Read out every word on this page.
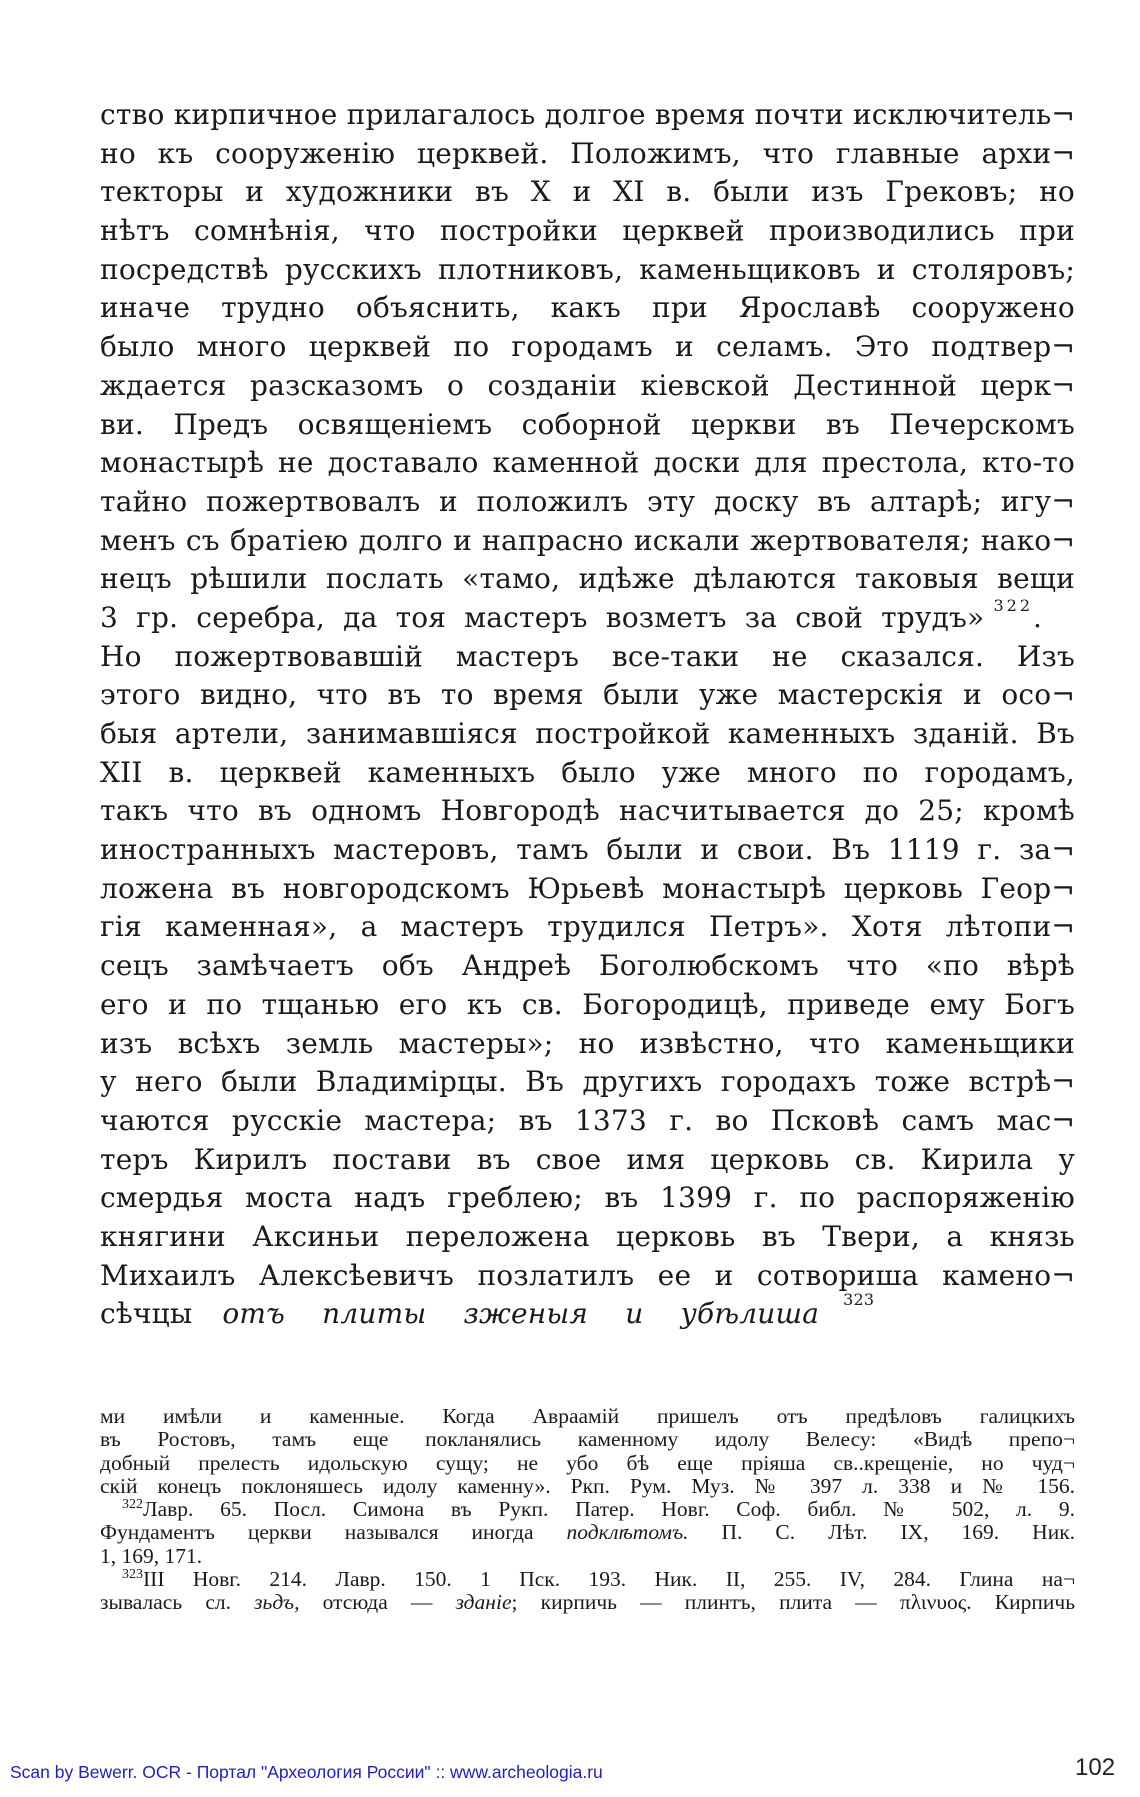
ство кирпичное прилагалось долгое время почти исключитель¬
но къ сооруженію церквей. Положимъ, что главные архи¬
текторы и художники въ X и XI в. были изъ Грековъ; но
нѣтъ сомнѣнія, что постройки церквей производились при
посредствѣ русскихъ плотниковъ, каменьщиковъ и столяровъ;
иначе трудно объяснить, какъ при Ярославѣ сооружено
было много церквей по городамъ и селамъ. Это подтвер¬
ждается разсказомъ о созданіи кіевской Дестинной церк¬
ви. Предъ освященіемъ соборной церкви въ Печерскомъ
монастырѣ не доставало каменной доски для престола, кто-то
тайно пожертвовалъ и положилъ эту доску въ алтарѣ; игу¬
менъ съ братіею долго и напрасно искали жертвователя; нако¬
нецъ рѣшили послать «тамо, идѣже дѣлаются таковыя вещи
3 гр. серебра, да тоя мастеръ возметъ за свой трудъ» $^{322}$.
Но пожертвовавшій мастеръ все-таки не сказался. Изъ
этого видно, что въ то время были уже мастерскія и осо¬
быя артели, занимавшіяся постройкой каменныхъ зданій. Въ
XII в. церквей каменныхъ было уже много по городамъ,
такъ что въ одномъ Новгородѣ насчитывается до 25; кромѣ
иностранныхъ мастеровъ, тамъ были и свои. Въ 1119 г. за¬
ложена въ новгородскомъ Юрьевѣ монастырѣ церковь Геор¬
гія каменная», а мастеръ трудился Петръ». Хотя лѣтопи¬
сецъ замѣчаетъ объ Андреѣ Боголюбскомъ что «по вѣрѣ
его и по тщанью его къ св. Богородицѣ, приведе ему Богъ
изъ всѣхъ земль мастеры»; но извѣстно, что каменьщики
у него были Владимірцы. Въ другихъ городахъ тоже встрѣ¬
чаются русскіе мастера; въ 1373 г. во Псковѣ самъ мас¬
теръ Кирилъ постави въ свое имя церковь св. Кирила у
смердья моста надъ греблею; въ 1399 г. по распоряженію
княгини Аксиньи переложена церковь въ Твери, а князь
Михаилъ Алексѣевичъ позлатилъ ее и сотвориша камено¬
сѣчцы отъ плиты зженыя и убѣлиша $^{323}$
ми имѣли и каменные. Когда Авраамій пришелъ отъ предѣловъ галицкихъ
въ Ростовъ, тамъ еще покланялись каменному идолу Велесу: «Видѣ препо¬
добный прелесть идольскую сущу; не убо бѣ еще пріяша св..крещеніе, но чуд¬
скій конецъ поклоняшесь идолу каменну». Ркп. Рум. Муз. № 397 л. 338 и № 156.
$^{322}$Лавр. 65. Посл. Симона въ Рукп. Патер. Новг. Соф. библ. № 502, л. 9.
Фундаментъ церкви назывался иногда подклѣтомъ. П. С. Лѣт. IX, 169. Ник.
1, 169, 171.
$^{323}$III Новг. 214. Лавр. 150. 1 Пск. 193. Ник. II, 255. IV, 284. Глина на¬
зывалась сл. зьдъ, отсюда — зданіе; кирпичь — плинтъ, плита — πλινυος. Кирпичь
Scan by Bewerr. OCR - Портал "Археология России" :: www.archeologia.ru	102
